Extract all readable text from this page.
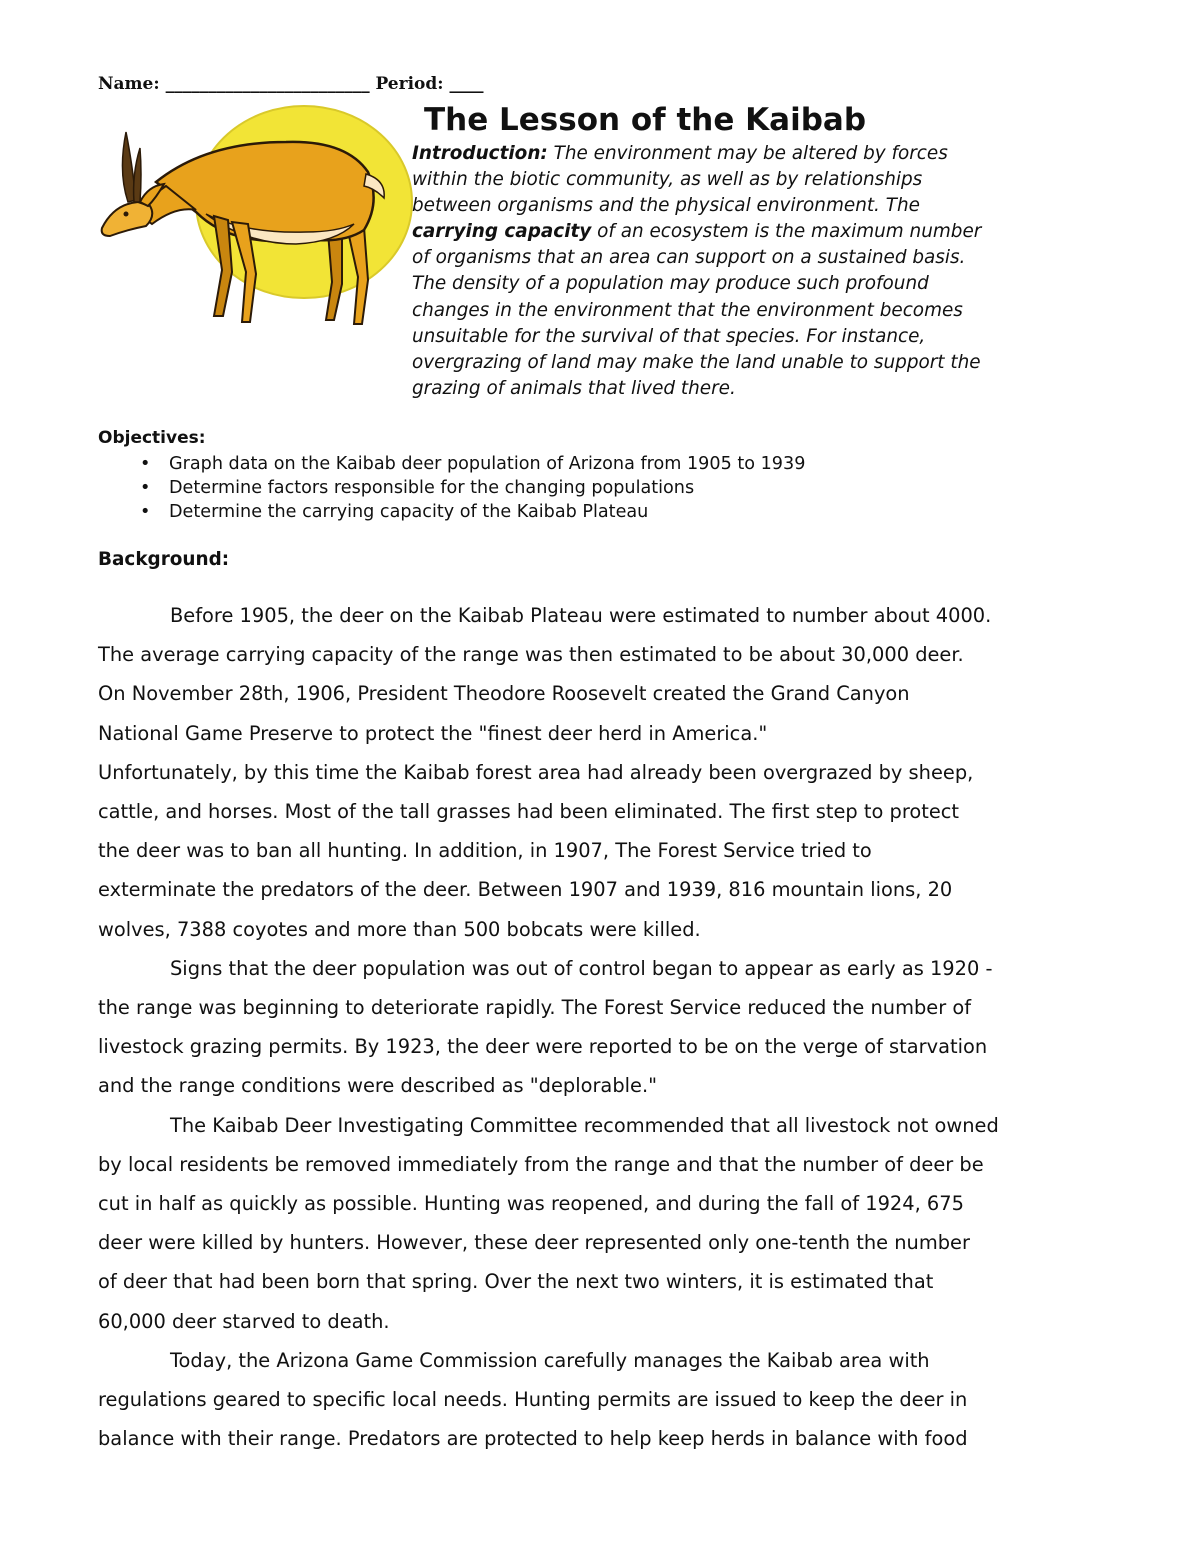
Name: ________________________ Period: ____
The Lesson of the Kaibab
Introduction: The environment may be altered by forces
within the biotic community, as well as by relationships
between organisms and the physical environment. The
carrying capacity of an ecosystem is the maximum number
of organisms that an area can support on a sustained basis.
The density of a population may produce such profound
changes in the environment that the environment becomes
unsuitable for the survival of that species. For instance,
overgrazing of land may make the land unable to support the
grazing of animals that lived there.
Objectives:
• Graph data on the Kaibab deer population of Arizona from 1905 to 1939
• Determine factors responsible for the changing populations
• Determine the carrying capacity of the Kaibab Plateau
Background:
Before 1905, the deer on the Kaibab Plateau were estimated to number about 4000.
The average carrying capacity of the range was then estimated to be about 30,000 deer.
On November 28th, 1906, President Theodore Roosevelt created the Grand Canyon
National Game Preserve to protect the "finest deer herd in America."
Unfortunately, by this time the Kaibab forest area had already been overgrazed by sheep,
cattle, and horses. Most of the tall grasses had been eliminated. The first step to protect
the deer was to ban all hunting. In addition, in 1907, The Forest Service tried to
exterminate the predators of the deer. Between 1907 and 1939, 816 mountain lions, 20
wolves, 7388 coyotes and more than 500 bobcats were killed.
Signs that the deer population was out of control began to appear as early as 1920 -
the range was beginning to deteriorate rapidly. The Forest Service reduced the number of
livestock grazing permits. By 1923, the deer were reported to be on the verge of starvation
and the range conditions were described as "deplorable."
The Kaibab Deer Investigating Committee recommended that all livestock not owned
by local residents be removed immediately from the range and that the number of deer be
cut in half as quickly as possible. Hunting was reopened, and during the fall of 1924, 675
deer were killed by hunters. However, these deer represented only one-tenth the number
of deer that had been born that spring. Over the next two winters, it is estimated that
60,000 deer starved to death.
Today, the Arizona Game Commission carefully manages the Kaibab area with
regulations geared to specific local needs. Hunting permits are issued to keep the deer in
balance with their range. Predators are protected to help keep herds in balance with food
